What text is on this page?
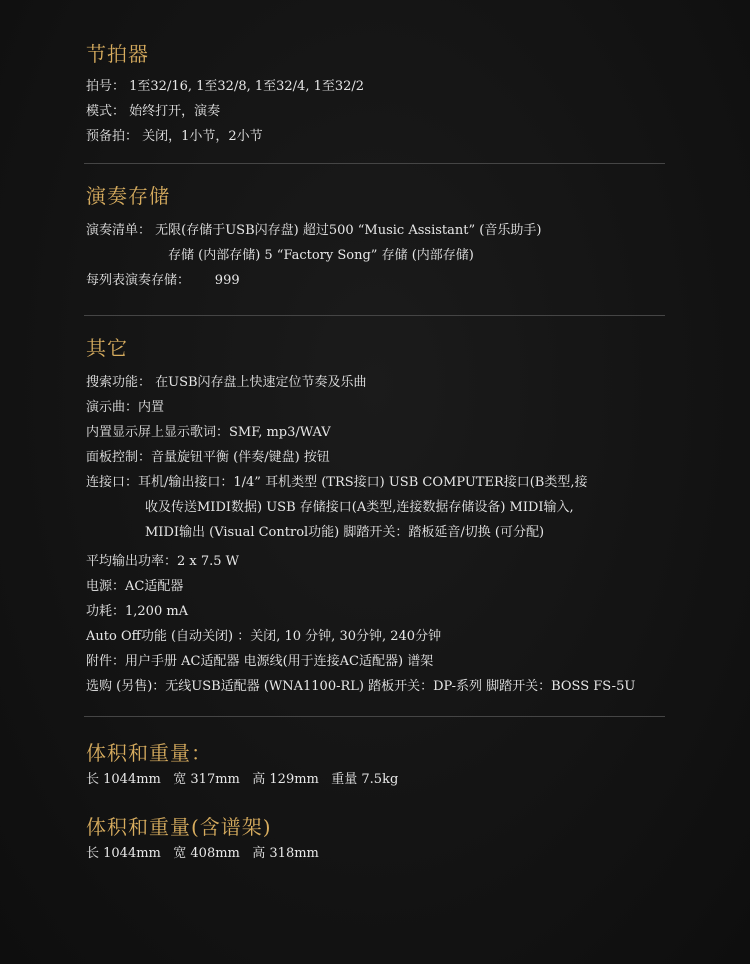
节拍器
拍号： 1至32/16, 1至32/8, 1至32/4, 1至32/2
模式： 始终打开，演奏
预备拍： 关闭，1小节，2小节
演奏存储
演奏清单： 无限(存储于USB闪存盘) 超过500 “Music Assistant” (音乐助手)
存储 (内部存储) 5 “Factory Song” 存储 (内部存储)
每列表演奏存储：      999
其它
搜索功能： 在USB闪存盘上快速定位节奏及乐曲
演示曲：内置
内置显示屏上显示歌词：SMF, mp3/WAV
面板控制：音量旋钮平衡 (伴奏/键盘) 按钮
连接口：耳机/输出接口：1/4” 耳机类型 (TRS接口) USB COMPUTER接口(B类型,接
收及传送MIDI数据) USB 存储接口(A类型,连接数据存储设备) MIDI输入,
MIDI输出 (Visual Control功能) 脚踏开关：踏板延音/切换 (可分配)
平均输出功率：2 x 7.5 W
电源：AC适配器
功耗：1,200 mA
Auto Off功能 (自动关闭) ：关闭, 10 分钟, 30分钟, 240分钟
附件：用户手册 AC适配器 电源线(用于连接AC适配器) 谱架
选购 (另售)：无线USB适配器 (WNA1100-RL) 踏板开关：DP-系列 脚踏开关：BOSS FS-5U
体积和重量：
长 1044mm   宽 317mm   高 129mm   重量 7.5kg
体积和重量(含谱架)
长 1044mm   宽 408mm   高 318mm
